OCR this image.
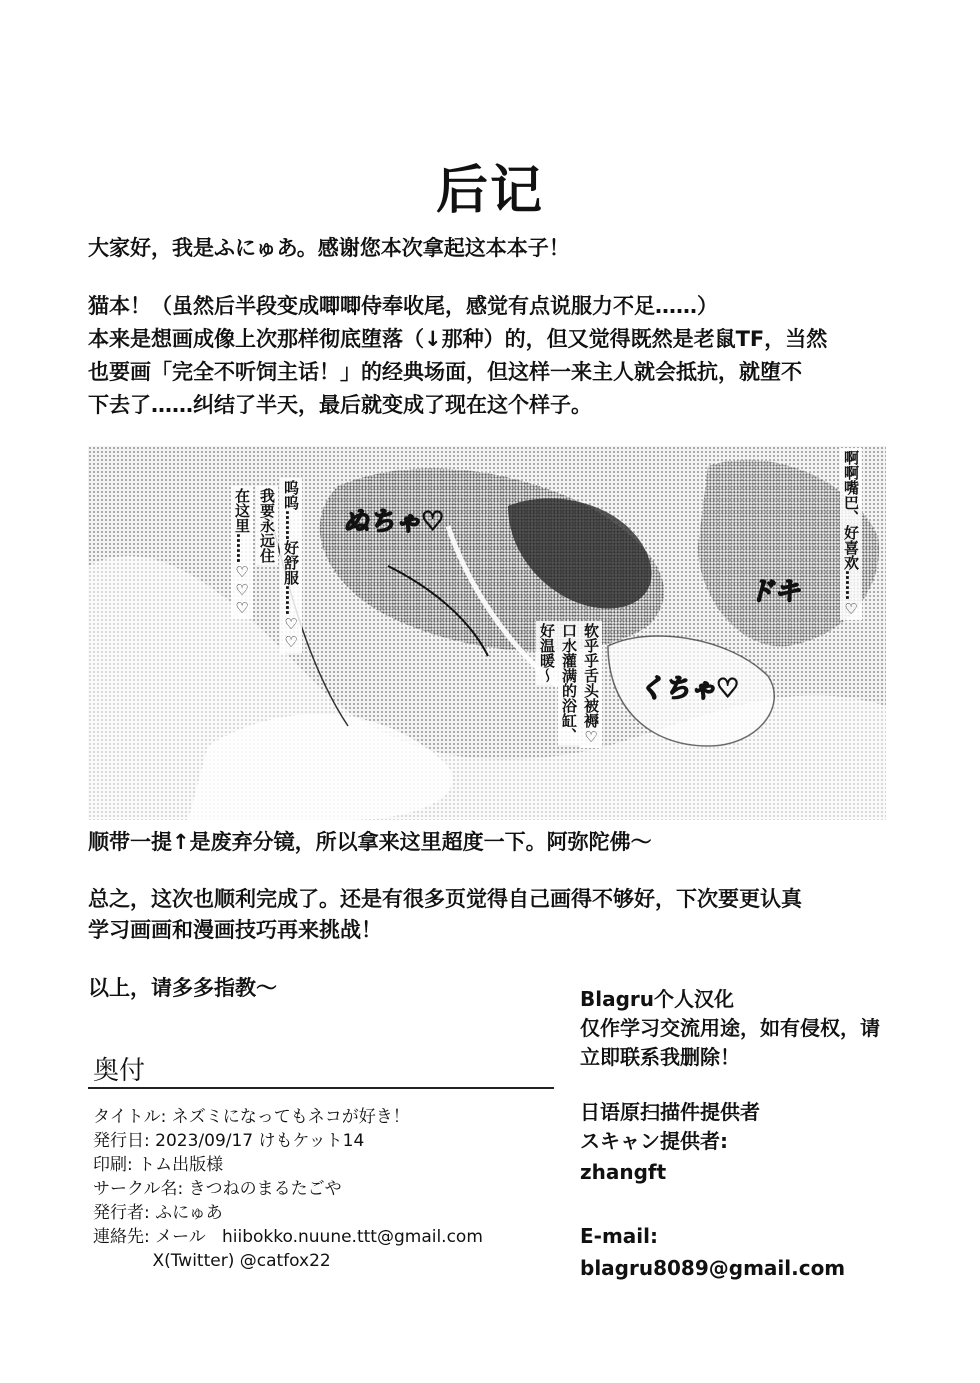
后记
大家好，我是ふにゅあ。感谢您本次拿起这本本子！
猫本！（虽然后半段变成唧唧侍奉收尾，感觉有点说服力不足……）
本来是想画成像上次那样彻底堕落（↓那种）的，但又觉得既然是老鼠TF，当然
也要画「完全不听饲主话！」的经典场面，但这样一来主人就会抵抗，就堕不
下去了……纠结了半天，最后就变成了现在这个样子。
在这里……♡♡♡ 我要永远住 呜呜……好舒服……♡♡
好温暖～ 口水灌满的浴缸、 软乎乎舌头被褥♡
啊啊嘴巴、好喜欢……♡
ぬちゃ♡
ドキ
くちゃ♡
顺带一提↑是废弃分镜，所以拿来这里超度一下。阿弥陀佛～
总之，这次也顺利完成了。还是有很多页觉得自己画得不够好，下次要更认真
学习画画和漫画技巧再来挑战！
以上，请多多指教～
奥付
タイトル: ネズミになってもネコが好き！
発行日: 2023/09/17 けもケット14
印刷: トム出版様
サークル名: きつねのまるたごや
発行者: ふにゅあ
連絡先: メール   hiibokko.nuune.ttt@gmail.com
X(Twitter) @catfox22
Blagru个人汉化
仅作学习交流用途，如有侵权，请
立即联系我删除！
日语原扫描件提供者
スキャン提供者:
zhangft
E-mail:
blagru8089@gmail.com
